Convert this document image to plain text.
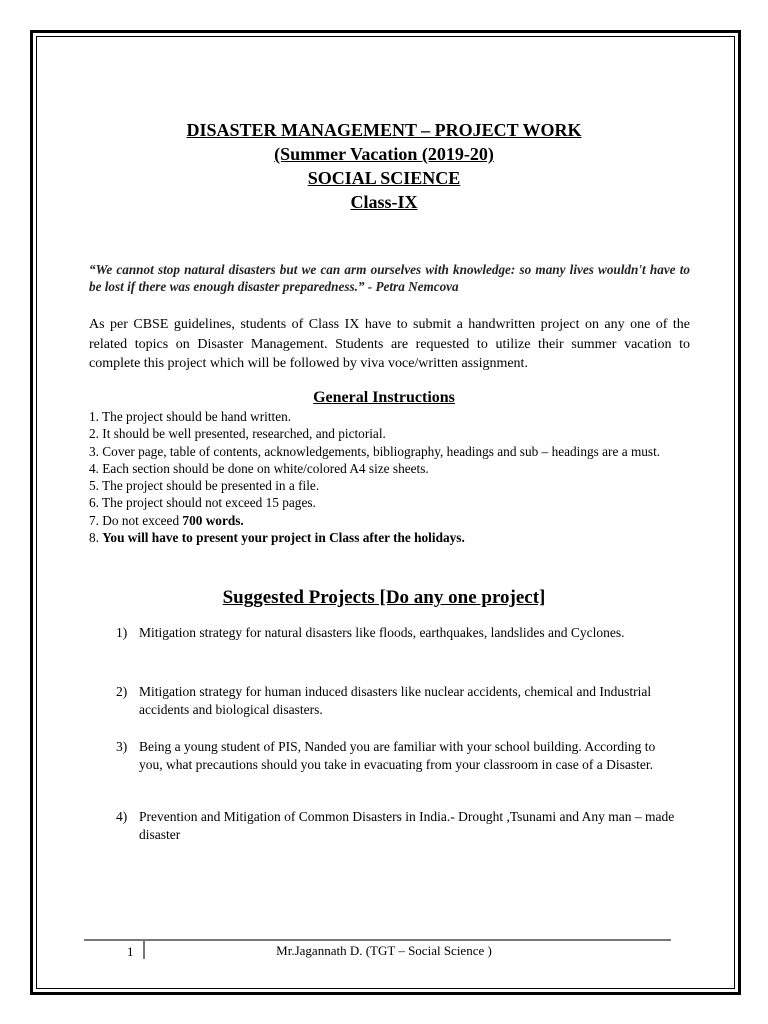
DISASTER MANAGEMENT – PROJECT WORK
(Summer Vacation (2019-20)
SOCIAL SCIENCE
Class-IX
“We cannot stop natural disasters but we can arm ourselves with knowledge: so many lives wouldn't have to be lost if there was enough disaster preparedness.” - Petra Nemcova
As per CBSE guidelines, students of Class IX have to submit a handwritten project on any one of the related topics on Disaster Management. Students are requested to utilize their summer vacation to complete this project which will be followed by viva voce/written assignment.
General Instructions
1. The project should be hand written.
2. It should be well presented, researched, and pictorial.
3. Cover page, table of contents, acknowledgements, bibliography, headings and sub – headings are a must.
4. Each section should be done on white/colored A4 size sheets.
5. The project should be presented in a file.
6. The project should not exceed 15 pages.
7. Do not exceed 700 words.
8. You will have to present your project in Class after the holidays.
Suggested Projects [Do any one project]
1) Mitigation strategy for natural disasters like floods, earthquakes, landslides and Cyclones.
2) Mitigation strategy for human induced disasters like nuclear accidents, chemical and Industrial accidents and biological disasters.
3) Being a young student of PIS, Nanded you are familiar with your school building. According to you, what precautions should you take in evacuating from your classroom in case of a Disaster.
4) Prevention and Mitigation of Common Disasters in India.- Drought ,Tsunami and Any man – made disaster
1	Mr.Jagannath D. (TGT – Social Science )
